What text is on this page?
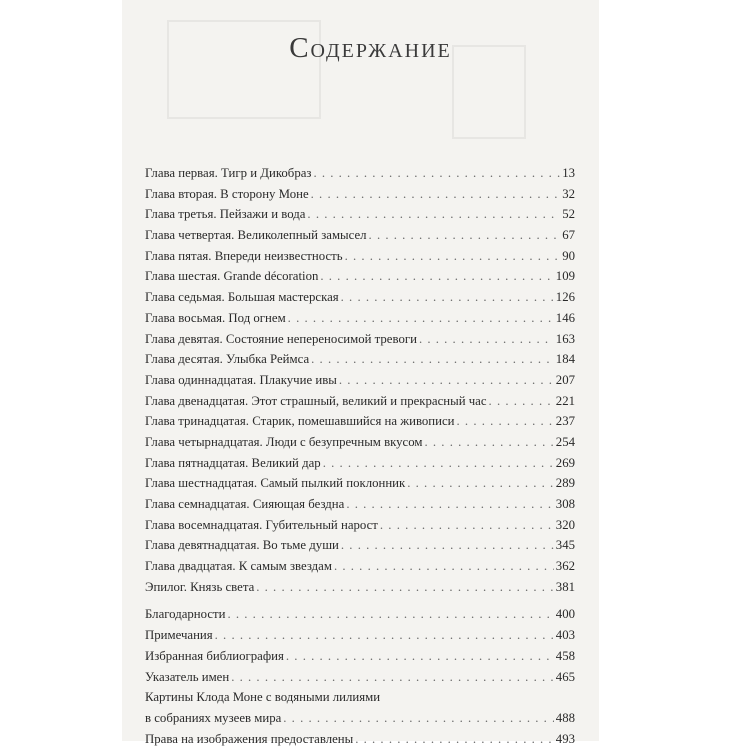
Содержание
Глава первая. Тигр и Дикобраз . . .	13
Глава вторая. В сторону Моне . . .	32
Глава третья. Пейзажи и вода . . .	52
Глава четвертая. Великолепный замысел . . .	67
Глава пятая. Впереди неизвестность . . .	90
Глава шестая. Grande décoration . . .	109
Глава седьмая. Большая мастерская . . .	126
Глава восьмая. Под огнем . . .	146
Глава девятая. Состояние непереносимой тревоги . . .	163
Глава десятая. Улыбка Реймса . . .	184
Глава одиннадцатая. Плакучие ивы . . .	207
Глава двенадцатая. Этот страшный, великий и прекрасный час . . .	221
Глава тринадцатая. Старик, помешавшийся на живописи . . .	237
Глава четырнадцатая. Люди с безупречным вкусом . . .	254
Глава пятнадцатая. Великий дар . . .	269
Глава шестнадцатая. Самый пылкий поклонник . . .	289
Глава семнадцатая. Сияющая бездна . . .	308
Глава восемнадцатая. Губительный нарост . . .	320
Глава девятнадцатая. Во тьме души . . .	345
Глава двадцатая. К самым звездам . . .	362
Эпилог. Князь света . . .	381
Благодарности . . .	400
Примечания . . .	403
Избранная библиография . . .	458
Указатель имен . . .	465
Картины Клода Моне с водяными лилиями
в собраниях музеев мира . . .	488
Права на изображения предоставлены . . .	493
